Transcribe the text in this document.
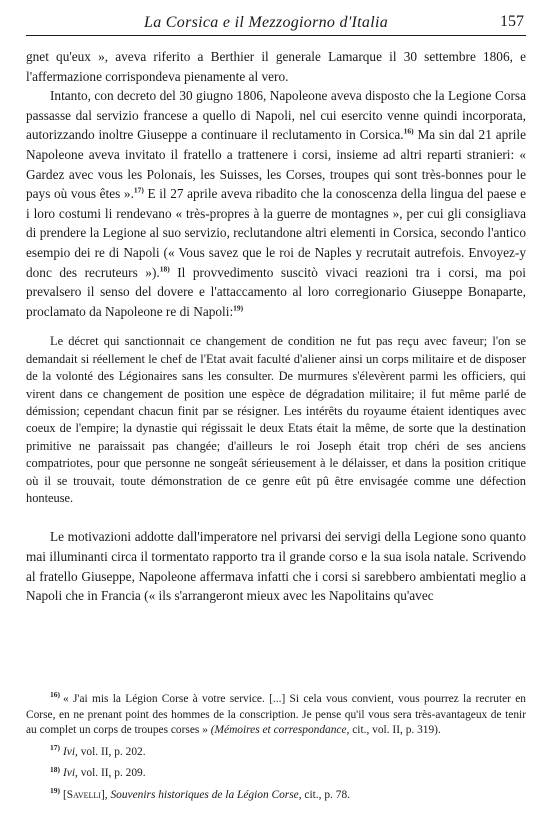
La Corsica e il Mezzogiorno d'Italia	157

gnet qu'eux », aveva riferito a Berthier il generale Lamarque il 30 settembre 1806, e l'affermazione corrispondeva pienamente al vero.

Intanto, con decreto del 30 giugno 1806, Napoleone aveva disposto che la Legione Corsa passasse dal servizio francese a quello di Napoli, nel cui esercito venne quindi incorporata, autorizzando inoltre Giuseppe a continuare il reclutamento in Corsica.$^{16)}$ Ma sin dal 21 aprile Napoleone aveva invitato il fratello a trattenere i corsi, insieme ad altri reparti stranieri: « Gardez avec vous les Polonais, les Suisses, les Corses, troupes qui sont très-bonnes pour le pays où vous êtes ».$^{17)}$ E il 27 aprile aveva ribadito che la conoscenza della lingua del paese e i loro costumi li rendevano « très-propres à la guerre de montagnes », per cui gli consigliava di prendere la Legione al suo servizio, reclutandone altri elementi in Corsica, secondo l'antico esempio dei re di Napoli (« Vous savez que le roi de Naples y recrutait autrefois. Envoyez-y donc des recruteurs »).$^{18)}$ Il provvedimento suscitò vivaci reazioni tra i corsi, ma poi prevalsero il senso del dovere e l'attaccamento al loro corregionario Giuseppe Bonaparte, proclamato da Napoleone re di Napoli:$^{19)}$

Le décret qui sanctionnait ce changement de condition ne fut pas reçu avec faveur; l'on se demandait si réellement le chef de l'Etat avait faculté d'aliener ainsi un corps militaire et de disposer de la volonté des Légionaires sans les consulter. De murmures s'élevèrent parmi les officiers, qui virent dans ce changement de position une espèce de dégradation militaire; il fut même parlé de démission; cependant chacun finit par se résigner. Les intérêts du royaume étaient identiques avec coeux de l'empire; la dynastie qui régissait le deux Etats était la même, de sorte que la destination primitive ne paraissait pas changée; d'ailleurs le roi Joseph était trop chéri de ses anciens compatriotes, pour que personne ne songeât sérieusement à le délaisser, et dans la position critique où il se trouvait, toute démonstration de ce genre eût pû être envisagée comme une défection honteuse.

Le motivazioni addotte dall'imperatore nel privarsi dei servigi della Legione sono quanto mai illuminanti circa il tormentato rapporto tra il grande corso e la sua isola natale. Scrivendo al fratello Giuseppe, Napoleone affermava infatti che i corsi si sarebbero ambientati meglio a Napoli che in Francia (« ils s'arrangeront mieux avec les Napolitains qu'avec

$^{16)}$ « J'ai mis la Légion Corse à votre service. [...] Si cela vous convient, vous pourrez la recruter en Corse, en ne prenant point des hommes de la conscription. Je pense qu'il vous sera très-avantageux de tenir au complet un corps de troupes corses » (Mémoires et correspondance, cit., vol. II, p. 319).

$^{17)}$ Ivi, vol. II, p. 202.

$^{18)}$ Ivi, vol. II, p. 209.

$^{19)}$ [Savelli], Souvenirs historiques de la Légion Corse, cit., p. 78.
